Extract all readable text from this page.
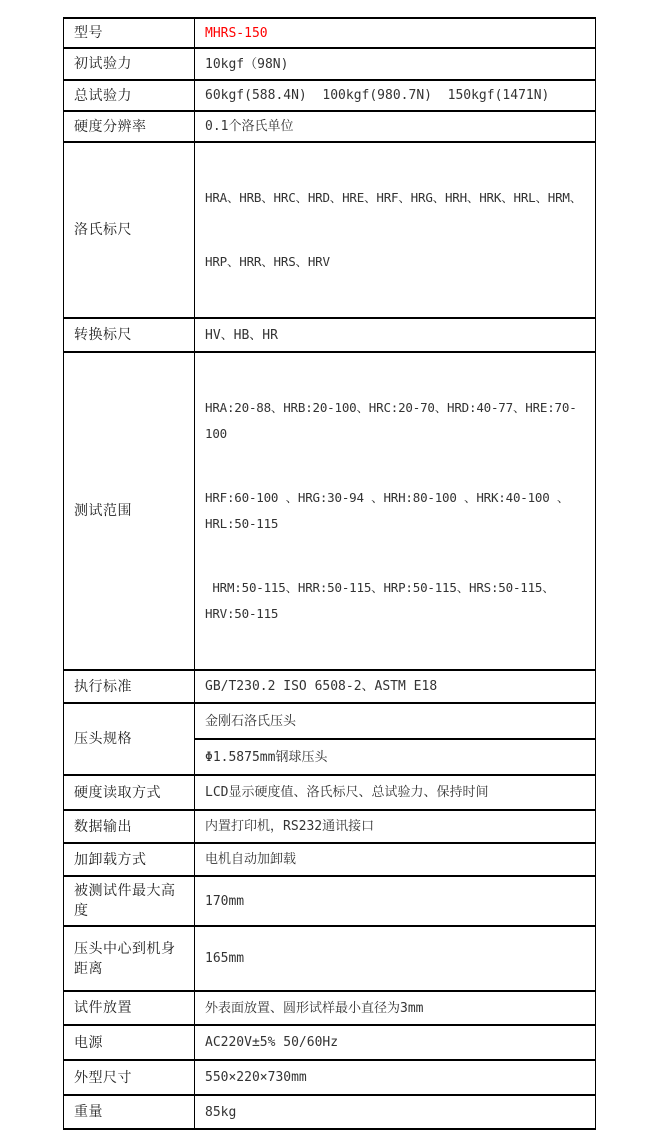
型号	MHRS-150
初试验力	10kgf（98N)
总试验力	60kgf(588.4N)  100kgf(980.7N)  150kgf(1471N)
硬度分辨率	0.1个洛氏单位
洛氏标尺	HRA、HRB、HRC、HRD、HRE、HRF、HRG、HRH、HRK、HRL、HRM、

HRP、HRR、HRS、HRV

转换标尺	HV、HB、HR
测试范围	HRA:20-88、HRB:20-100、HRC:20-70、HRD:40-77、HRE:70-100

HRF:60-100 、HRG:30-94 、HRH:80-100 、HRK:40-100 、HRL:50-115

HRM:50-115、HRR:50-115、HRP:50-115、HRS:50-115、HRV:50-115

执行标准	GB/T230.2 ISO 6508-2、ASTM E18
压头规格	金刚石洛氏压头
	Φ1.5875mm钢球压头
硬度读取方式	LCD显示硬度值、洛氏标尺、总试验力、保持时间
数据输出	内置打印机，RS232通讯接口
加卸载方式	电机自动加卸载
被测试件最大高度	170mm
压头中心到机身距离	165mm
试件放置	外表面放置、圆形试样最小直径为3mm
电源	AC220V±5% 50/60Hz
外型尺寸	550×220×730mm
重量	85kg
